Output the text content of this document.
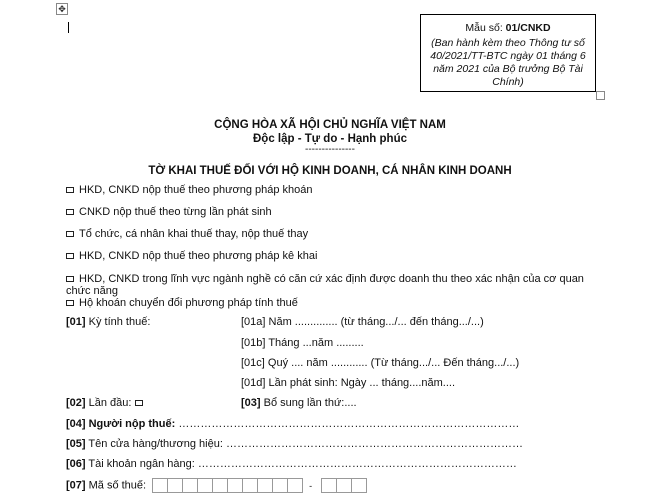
✥
Mẫu số: 01/CNKD
(Ban hành kèm theo Thông tư số 40/2021/TT-BTC ngày 01 tháng 6 năm 2021 của Bộ trưởng Bộ Tài Chính)
CỘNG HÒA XÃ HỘI CHỦ NGHĨA VIỆT NAM
Độc lập - Tự do - Hạnh phúc
---------------
TỜ KHAI THUẾ ĐỐI VỚI HỘ KINH DOANH, CÁ NHÂN KINH DOANH
HKD, CNKD nộp thuế theo phương pháp khoán
CNKD nộp thuế theo từng lần phát sinh
Tổ chức, cá nhân khai thuế thay, nộp thuế thay
HKD, CNKD nộp thuế theo phương pháp kê khai
HKD, CNKD trong lĩnh vực ngành nghề có căn cứ xác định được doanh thu theo xác nhận của cơ quan
chức năng
Hộ khoán chuyển đổi phương pháp tính thuế
[01] Kỳ tính thuế:	[01a] Năm .............. (từ tháng.../... đến tháng.../...)
[01b] Tháng ...năm .........
[01c] Quý .... năm ............ (Từ tháng.../... Đến tháng.../...)
[01d] Lần phát sinh: Ngày ... tháng....năm....
[02] Lần đầu:	[03] Bổ sung lần thứ:....
[04] Người nộp thuế: …………………………………………………………………………………
[05] Tên cửa hàng/thương hiệu: ………………………………………………………………………
[06] Tài khoản ngân hàng: ……………………………………………………………………………
[07] Mã số thuế:	-
